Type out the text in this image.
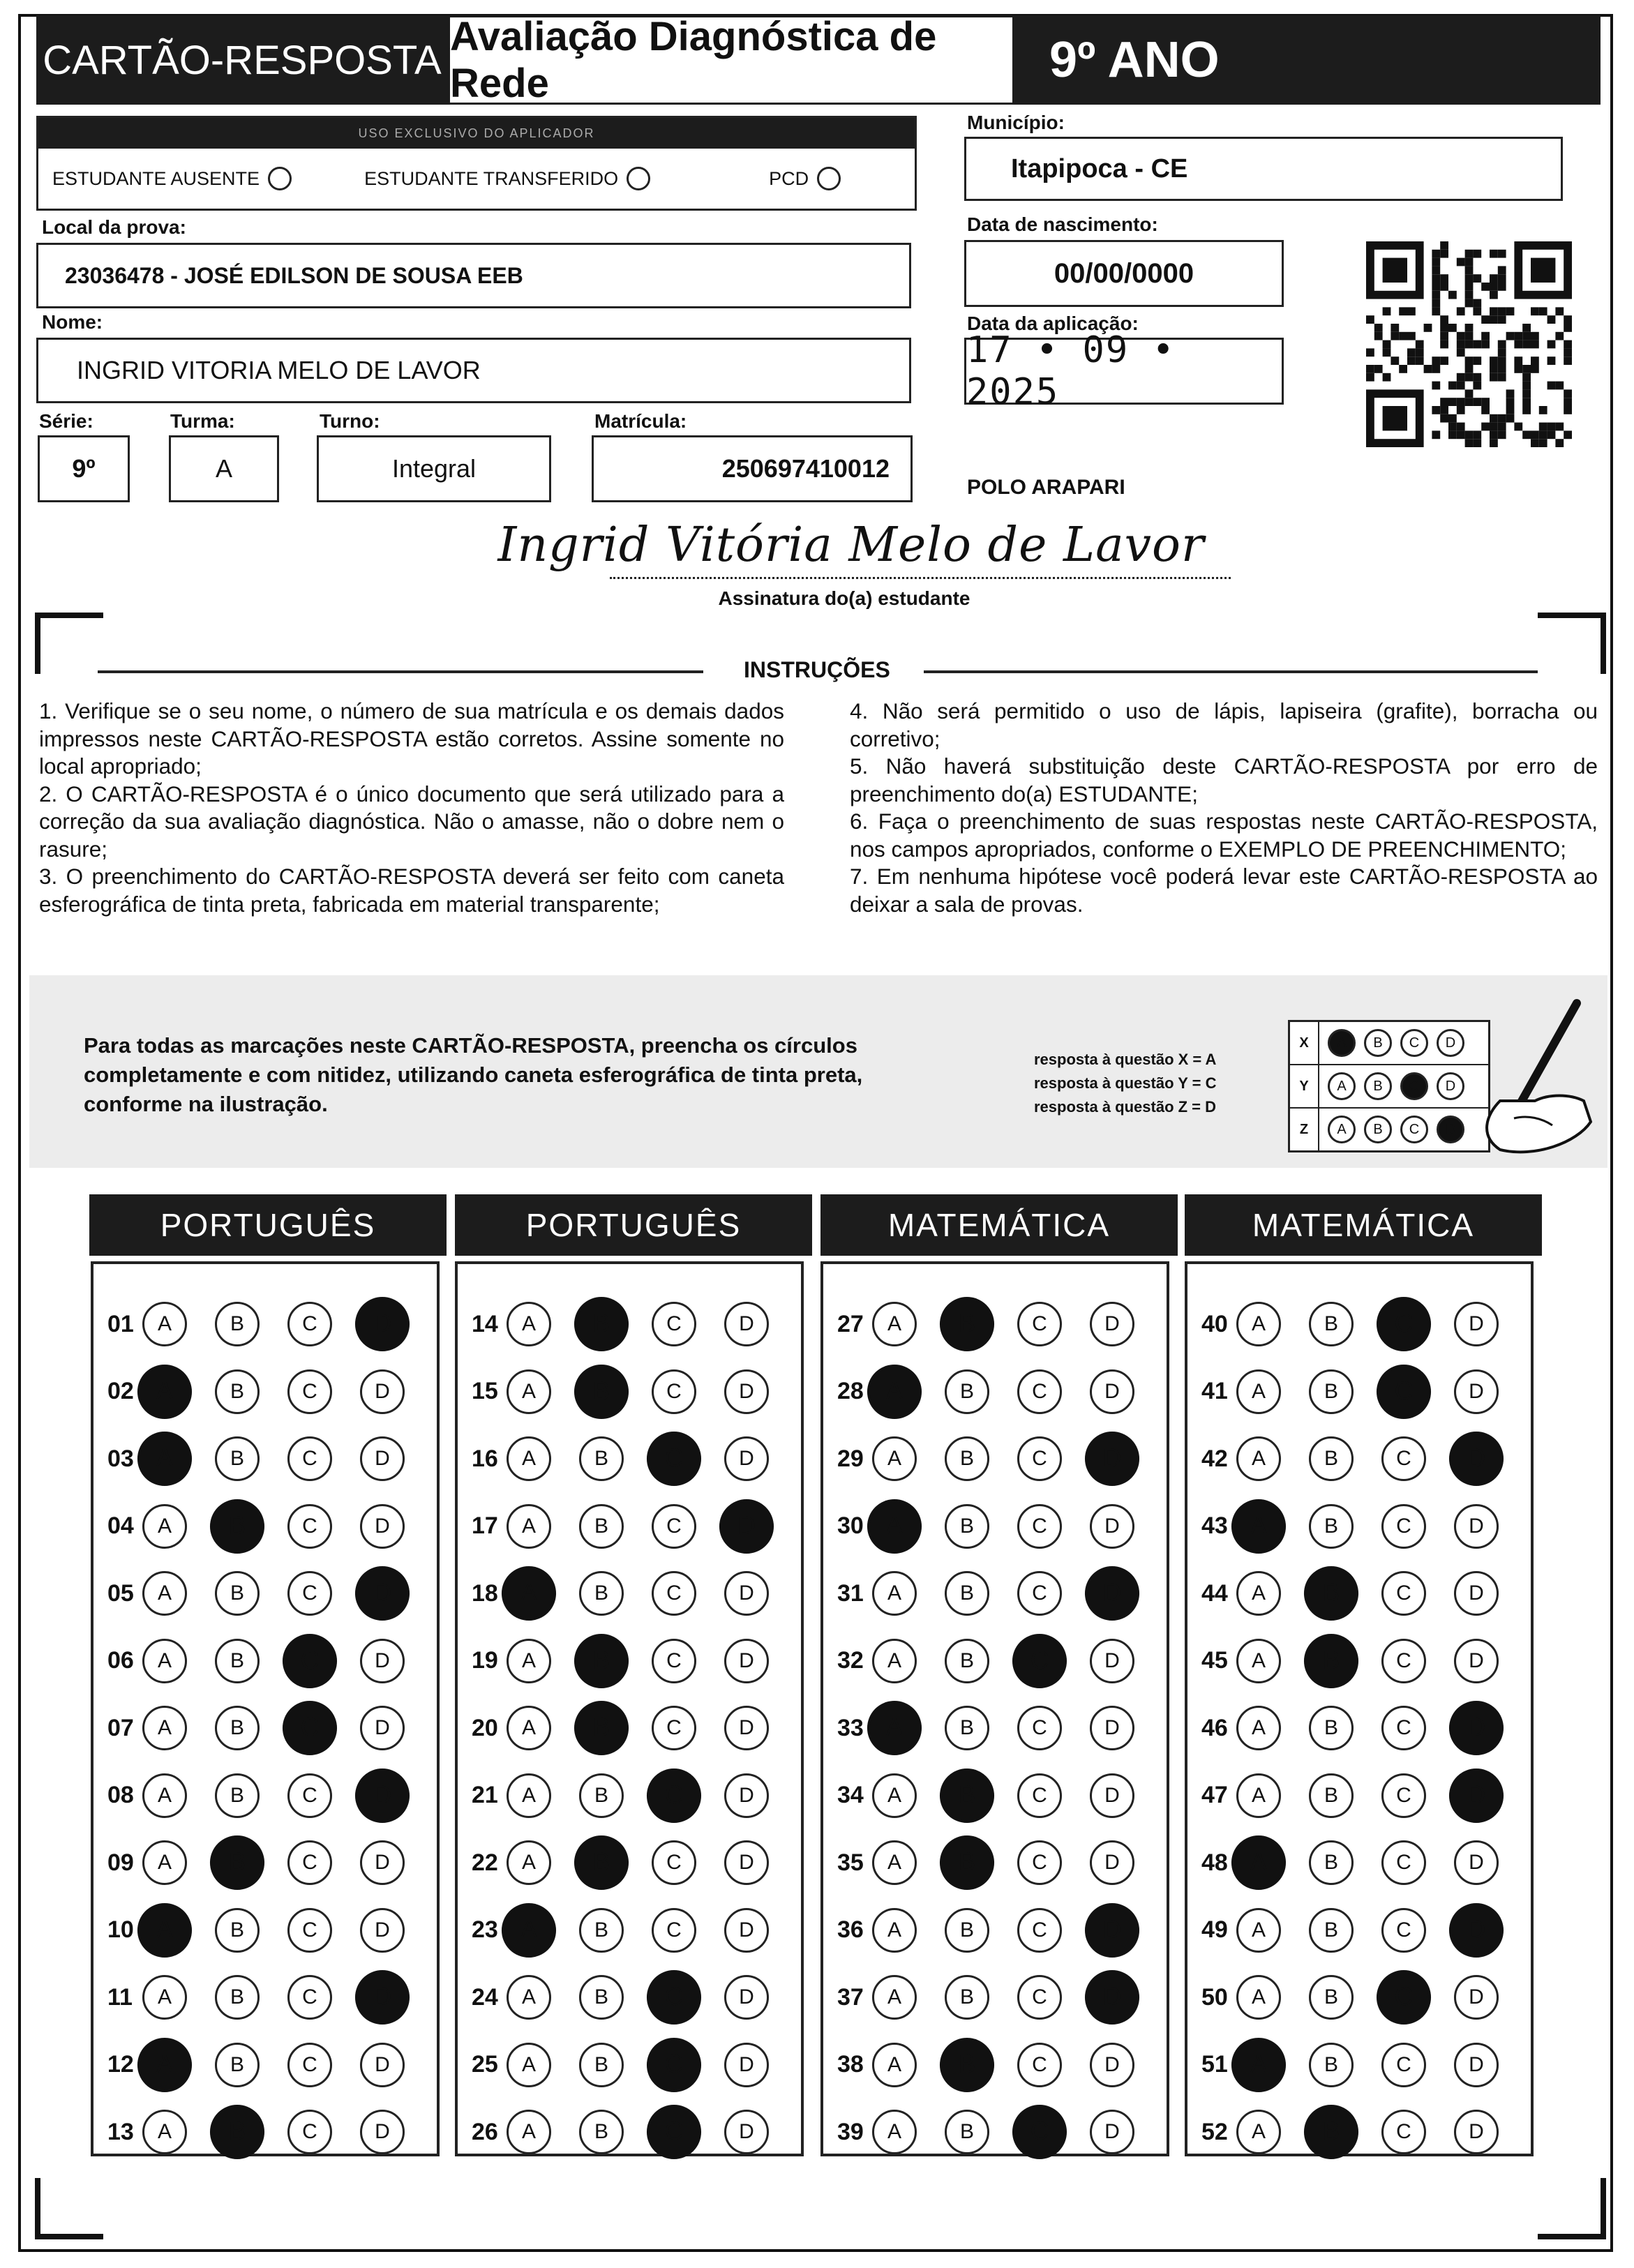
CARTÃO-RESPOSTA
Avaliação Diagnóstica de Rede	9º ANO
USO EXCLUSIVO DO APLICADOR
ESTUDANTE AUSENTE	ESTUDANTE TRANSFERIDO	PCD
Local da prova:
23036478 - JOSÉ EDILSON DE SOUSA EEB
Nome:
INGRID VITORIA MELO DE LAVOR
Série:
9º
Turma:
A
Turno:
Integral
Matrícula:
250697410012
Município:
Itapipoca - CE
Data de nascimento:
00/00/0000
Data da aplicação:
17 • 09 • 2025
POLO ARAPARI
Ingrid Vitória Melo de Lavor
Assinatura do(a) estudante
INSTRUÇÕES
1. Verifique se o seu nome, o número de sua matrícula e os demais dados impressos neste CARTÃO-RESPOSTA estão corretos. Assine somente no local apropriado;
2. O CARTÃO-RESPOSTA é o único documento que será utilizado para a correção da sua avaliação diagnóstica. Não o amasse, não o dobre nem o rasure;
3. O preenchimento do CARTÃO-RESPOSTA deverá ser feito com caneta esferográfica de tinta preta, fabricada em material transparente;
4. Não será permitido o uso de lápis, lapiseira (grafite), borracha ou corretivo;
5. Não haverá substituição deste CARTÃO-RESPOSTA por erro de preenchimento do(a) ESTUDANTE;
6. Faça o preenchimento de suas respostas neste CARTÃO-RESPOSTA, nos campos apropriados, conforme o EXEMPLO DE PREENCHIMENTO;
7. Em nenhuma hipótese você poderá levar este CARTÃO-RESPOSTA ao deixar a sala de provas.
Para todas as marcações neste CARTÃO-RESPOSTA, preencha os círculos completamente e com nitidez, utilizando caneta esferográfica de tinta preta, conforme na ilustração.
resposta à questão X = A
resposta à questão Y = C
resposta à questão Z = D
X	A	B	C	D
Y	A	B	C	D
Z	A	B	C	D
PORTUGUÊS
01	A	B	C	D
02	A	B	C	D
03	A	B	C	D
04	A	B	C	D
05	A	B	C	D
06	A	B	C	D
07	A	B	C	D
08	A	B	C	D
09	A	B	C	D
10	A	B	C	D
11	A	B	C	D
12	A	B	C	D
13	A	B	C	D
PORTUGUÊS
14	A	B	C	D
15	A	B	C	D
16	A	B	C	D
17	A	B	C	D
18	A	B	C	D
19	A	B	C	D
20	A	B	C	D
21	A	B	C	D
22	A	B	C	D
23	A	B	C	D
24	A	B	C	D
25	A	B	C	D
26	A	B	C	D
MATEMÁTICA
27	A	B	C	D
28	A	B	C	D
29	A	B	C	D
30	A	B	C	D
31	A	B	C	D
32	A	B	C	D
33	A	B	C	D
34	A	B	C	D
35	A	B	C	D
36	A	B	C	D
37	A	B	C	D
38	A	B	C	D
39	A	B	C	D
MATEMÁTICA
40	A	B	C	D
41	A	B	C	D
42	A	B	C	D
43	A	B	C	D
44	A	B	C	D
45	A	B	C	D
46	A	B	C	D
47	A	B	C	D
48	A	B	C	D
49	A	B	C	D
50	A	B	C	D
51	A	B	C	D
52	A	B	C	D
